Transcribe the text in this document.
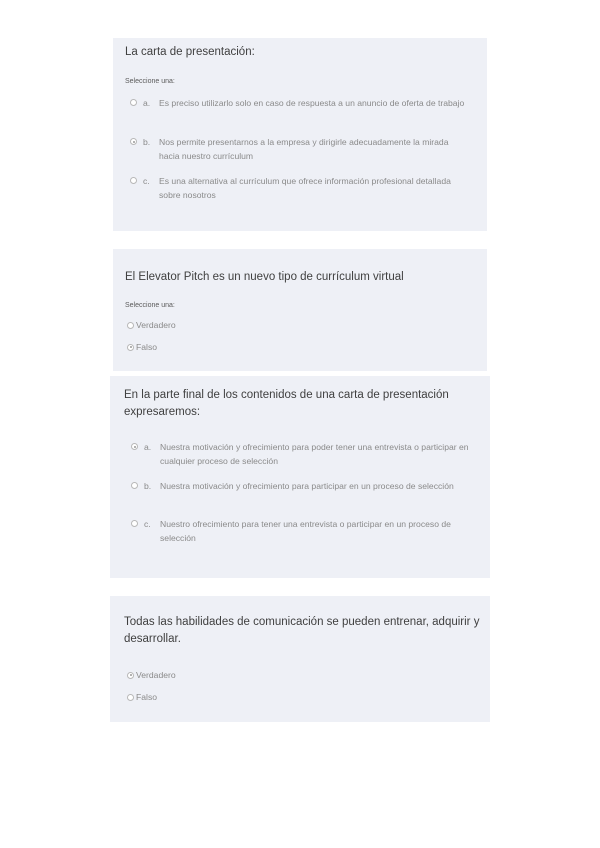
La carta de presentación:

Seleccione una:

a.	Es preciso utilizarlo solo en caso de respuesta a un anuncio de oferta de trabajo
b.	Nos permite presentarnos a la empresa y dirigirle adecuadamente la mirada hacia nuestro currículum
c.	Es una alternativa al currículum que ofrece información profesional detallada sobre nosotros

El Elevator Pitch es un nuevo tipo de currículum virtual

Seleccione una:

Verdadero
Falso

En la parte final de los contenidos de una carta de presentación expresaremos:

a.	Nuestra motivación y ofrecimiento para poder tener una entrevista o participar en cualquier proceso de selección
b.	Nuestra motivación y ofrecimiento para participar en un proceso de selección
c.	Nuestro ofrecimiento para tener una entrevista o participar en un proceso de selección

Todas las habilidades de comunicación se pueden entrenar, adquirir y desarrollar.

Verdadero
Falso
